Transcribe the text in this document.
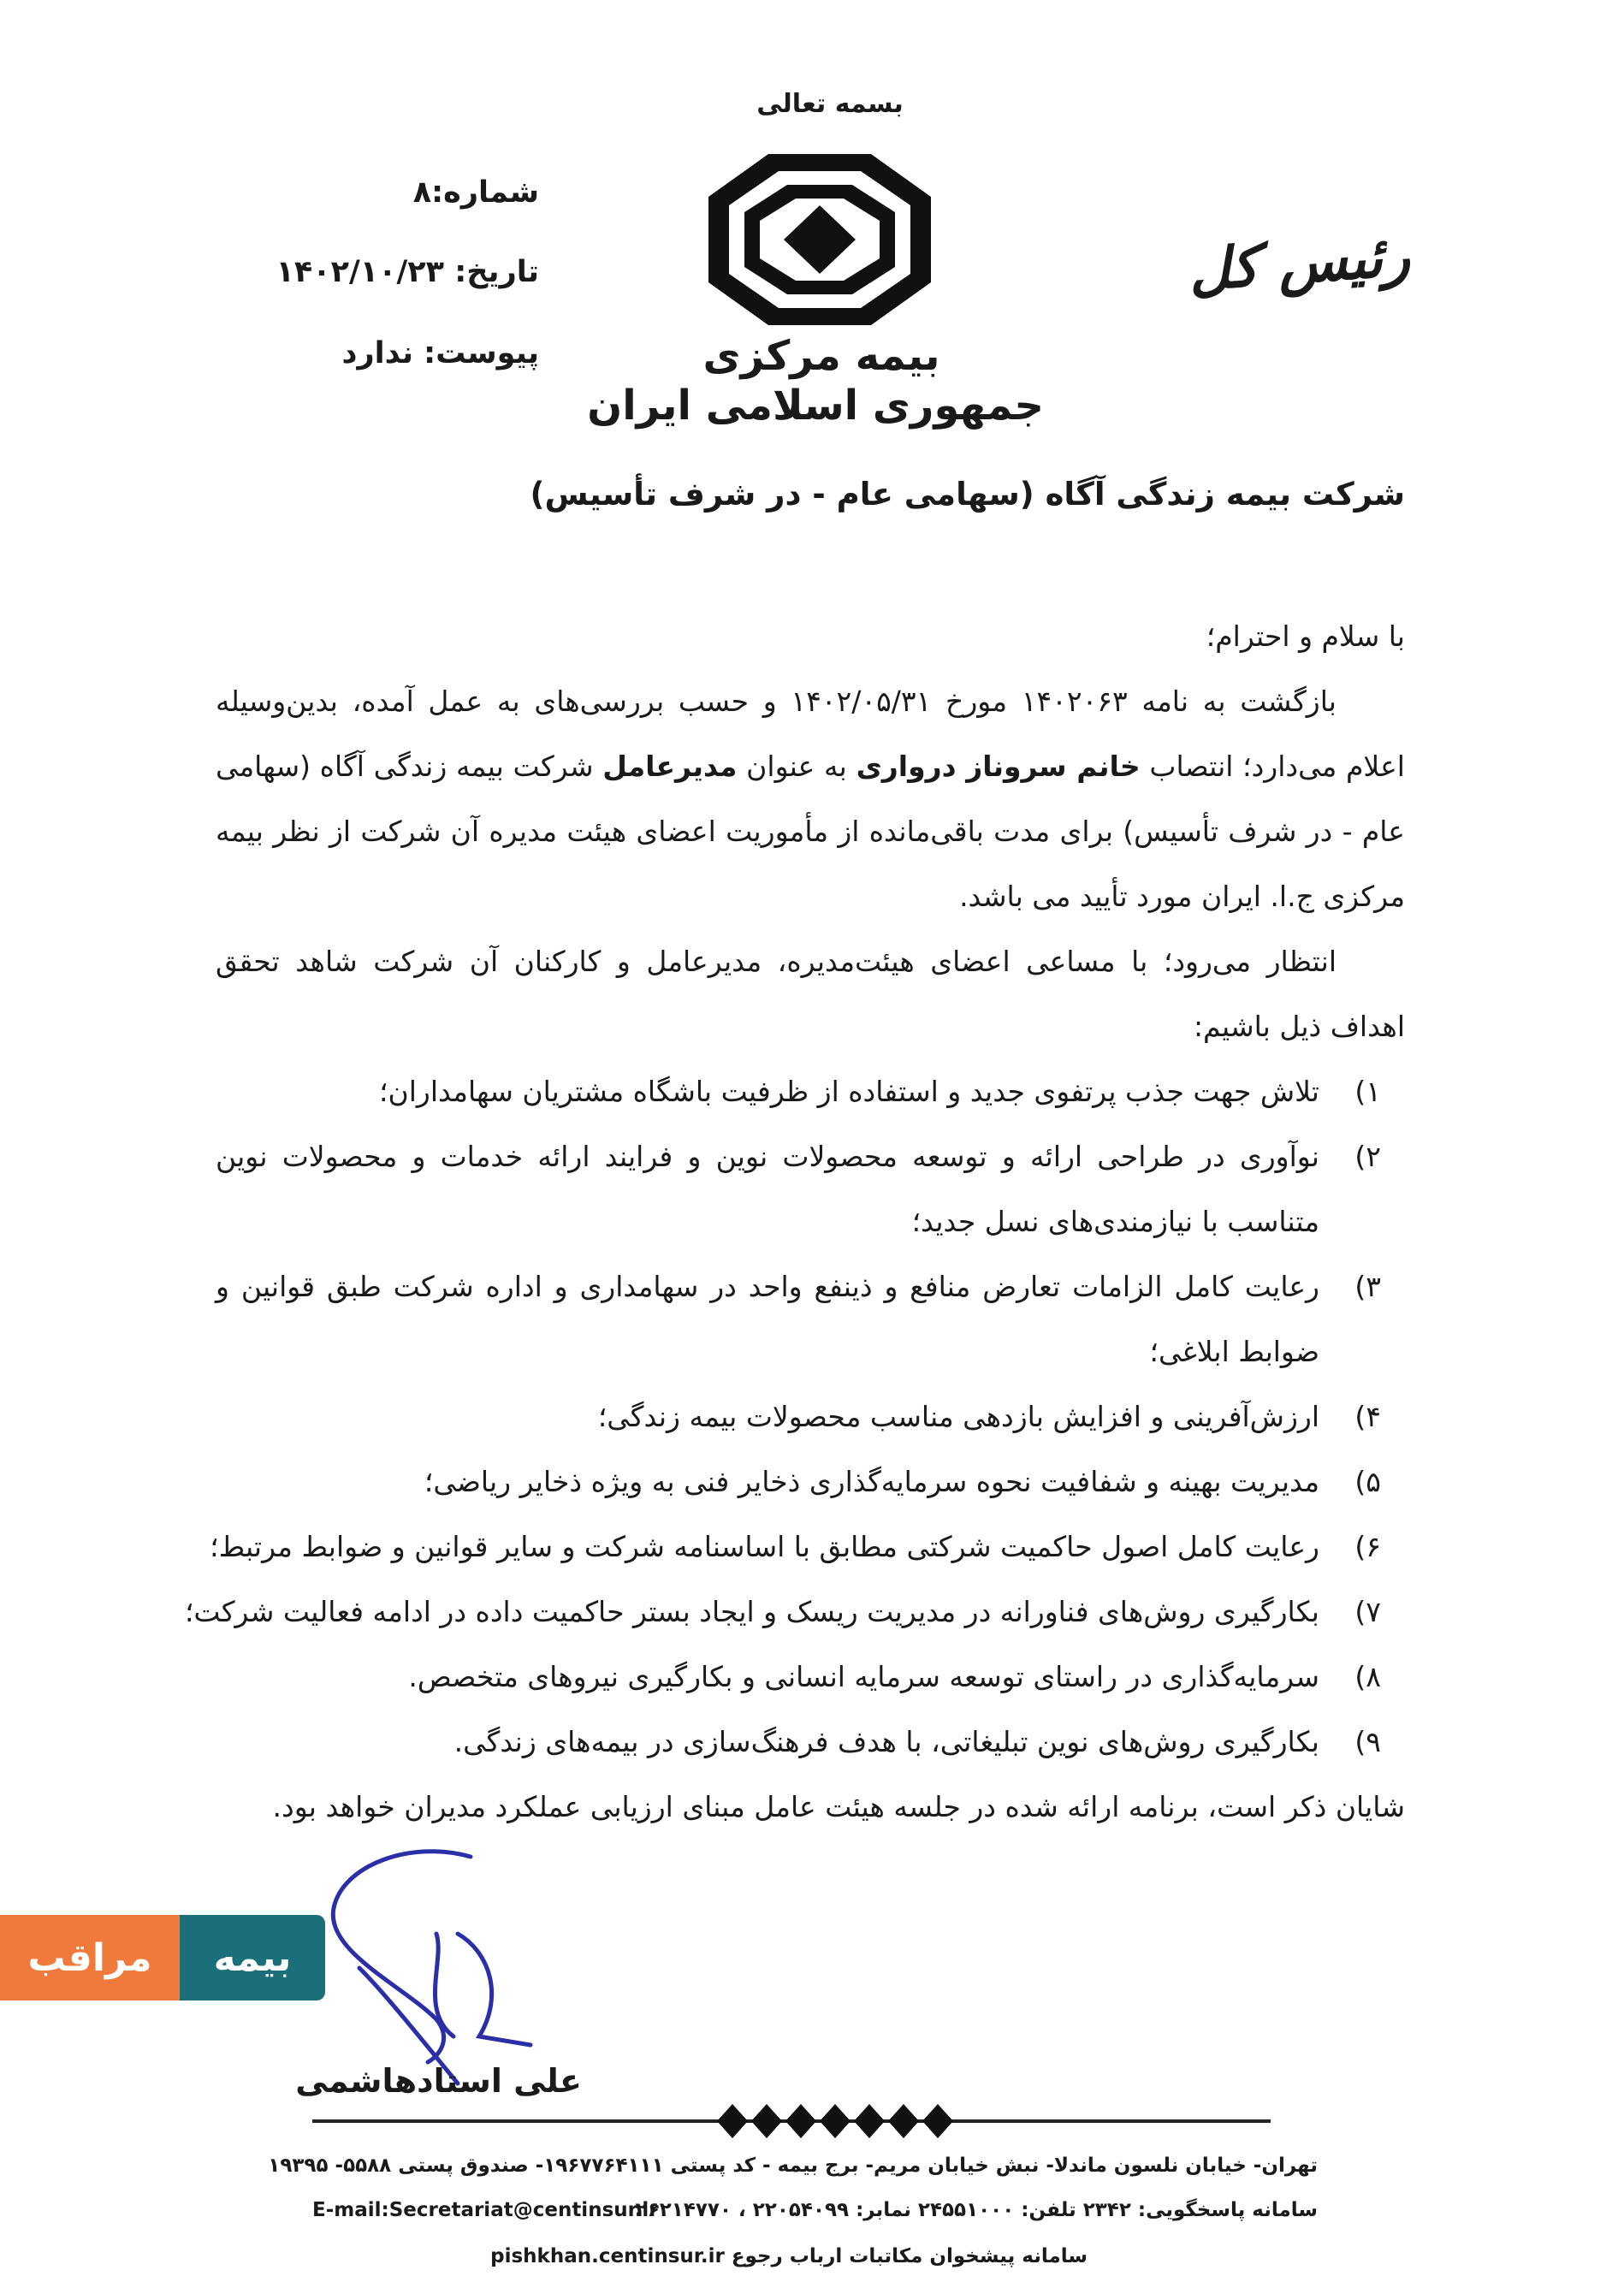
بسمه تعالی
شماره:۸
تاریخ: ۱۴۰۲/۱۰/۲۳
پیوست: ندارد	بیمه مرکزی
جمهوری اسلامی ایران
رئیس کل
شرکت بیمه زندگی آگاه (سهامی عام - در شرف تأسیس)

با سلام و احترام؛

بازگشت به نامه ۱۴۰۲۰۶۳ مورخ ۱۴۰۲/۰۵/۳۱ و حسب بررسی‌های به عمل آمده، بدین‌وسیله اعلام می‌دارد؛ انتصاب خانم سروناز درواری به عنوان مدیرعامل شرکت بیمه زندگی آگاه (سهامی عام - در شرف تأسیس) برای مدت باقی‌مانده از مأموریت اعضای هیئت مدیره آن شرکت از نظر بیمه مرکزی ج.ا. ایران مورد تأیید می باشد.

انتظار می‌رود؛ با مساعی اعضای هیئت‌مدیره، مدیرعامل و کارکنان آن شرکت شاهد تحقق اهداف ذیل باشیم:

۱)
تلاش جهت جذب پرتفوی جدید و استفاده از ظرفیت باشگاه مشتریان سهامداران؛
۲)
نوآوری در طراحی ارائه و توسعه محصولات نوین و فرایند ارائه خدمات و محصولات نوین متناسب با نیازمندی‌های نسل جدید؛
۳)
رعایت کامل الزامات تعارض منافع و ذینفع واحد در سهامداری و اداره شرکت طبق قوانین و ضوابط ابلاغی؛
۴)
ارزش‌آفرینی و افزایش بازدهی مناسب محصولات بیمه زندگی؛
۵)
مدیریت بهینه و شفافیت نحوه سرمایه‌گذاری ذخایر فنی به ویژه ذخایر ریاضی؛
۶)
رعایت کامل اصول حاکمیت شرکتی مطابق با اساسنامه شرکت و سایر قوانین و ضوابط مرتبط؛
۷)
بکارگیری روش‌های فناورانه در مدیریت ریسک و ایجاد بستر حاکمیت داده در ادامه فعالیت شرکت؛
۸)
سرمایه‌گذاری در راستای توسعه سرمایه انسانی و بکارگیری نیروهای متخصص.
۹)
بکارگیری روش‌های نوین تبلیغاتی، با هدف فرهنگ‌سازی در بیمه‌های زندگی.

شایان ذکر است، برنامه ارائه شده در جلسه هیئت عامل مبنای ارزیابی عملکرد مدیران خواهد بود.

علی استادهاشمی
مراقب	بیمه
تهران- خیابان نلسون ماندلا- نبش خیابان مریم- برج بیمه - کد پستی ۱۹۶۷۷۶۴۱۱۱- صندوق پستی ۵۵۸۸- ۱۹۳۹۵
سامانه پاسخگویی: ۲۳۴۲ تلفن: ۲۴۵۵۱۰۰۰ نمابر: ۲۲۰۵۴۰۹۹ ، ۲۶۲۱۴۷۷۰
E-mail:Secretariat@centinsur.ir
سامانه پیشخوان مکاتبات ارباب رجوع pishkhan.centinsur.ir
